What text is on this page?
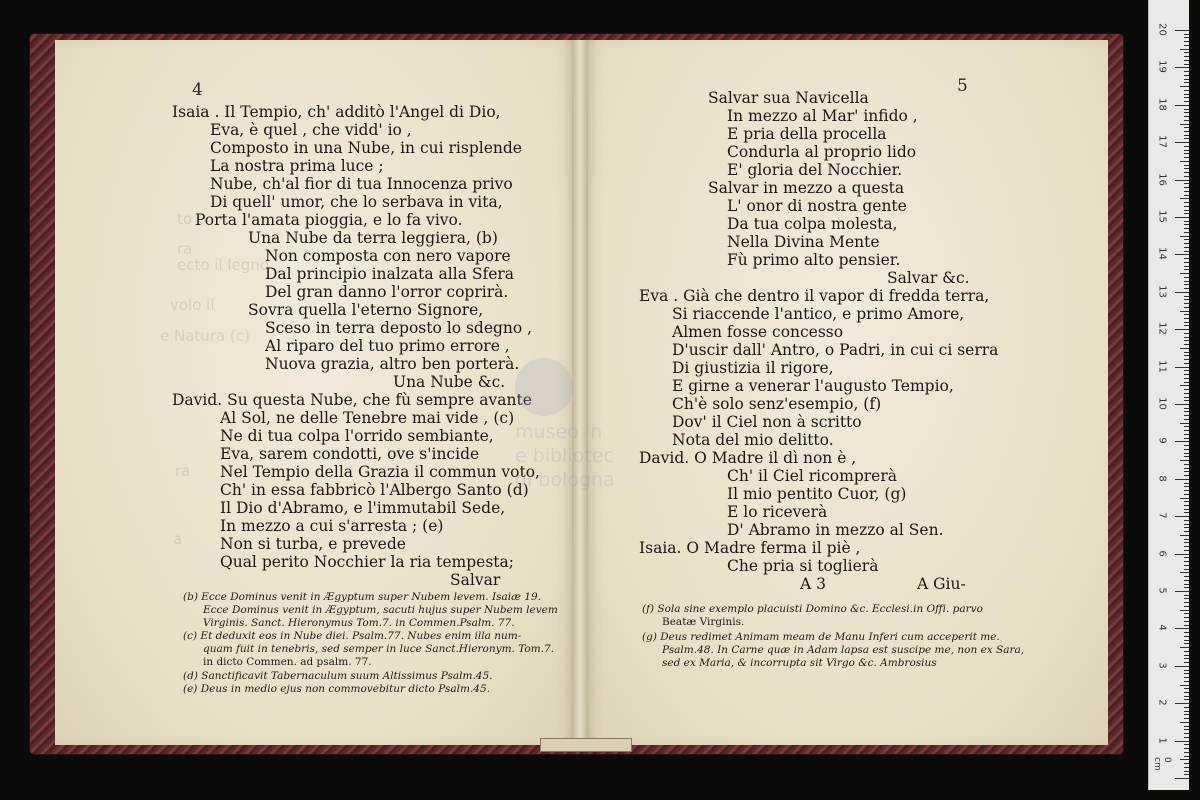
to
ra
ecto il legno
volo il
ra
e Natura (c)
a
4

Isaia . Il Tempio, ch' additò l'Angel di Dio,

Eva, è quel , che vidd' io ,

Composto in una Nube, in cui risplende

La nostra prima luce ;

Nube, ch'al fior di tua Innocenza privo

Di quell' umor, che lo serbava in vita,

Porta l'amata pioggia, e lo fa vivo.

Una Nube da terra leggiera, (b)

Non composta con nero vapore

Dal principio inalzata alla Sfera

Del gran danno l'orror coprirà.

Sovra quella l'eterno Signore,

Sceso in terra deposto lo sdegno ,

Al riparo del tuo primo errore ,

Nuova grazia, altro ben porterà.

Una Nube &c.

David. Su questa Nube, che fù sempre avante

Al Sol, ne delle Tenebre mai vide , (c)

Ne di tua colpa l'orrido sembiante,

Eva, sarem condotti, ove s'incide

Nel Tempio della Grazia il commun voto,

Ch' in essa fabbricò l'Albergo Santo (d)

Il Dio d'Abramo, e l'immutabil Sede,

In mezzo a cui s'arresta ; (e)

Non si turba, e prevede

Qual perito Nocchier la ria tempesta;

Salvar

(b) Ecce Dominus venit in Ægyptum super Nubem levem. Isaiæ 19.
Ecce Dominus venit in Ægyptum, sacuti hujus super Nubem levem
Virginis. Sanct. Hieronymus Tom.7. in Commen.Psalm. 77.
(c) Et deduxit eos in Nube diei. Psalm.77. Nubes enim illa num-
quam fuit in tenebris, sed semper in luce Sanct.Hieronym. Tom.7.
in dicto Commen. ad psalm. 77.
(d) Sanctificavit Tabernaculum suum Altissimus Psalm.45.
(e) Deus in medio ejus non commovebitur dicto Psalm.45.
5

Salvar sua Navicella

In mezzo al Mar' infido ,

E pria della procella

Condurla al proprio lido

E' gloria del Nocchier.

Salvar in mezzo a questa

L' onor di nostra gente

Da tua colpa molesta,

Nella Divina Mente

Fù primo alto pensier.

Salvar &c.

Eva . Già che dentro il vapor di fredda terra,

Si riaccende l'antico, e primo Amore,

Almen fosse concesso

D'uscir dall' Antro, o Padri, in cui ci serra

Di giustizia il rigore,

E girne a venerar l'augusto Tempio,

Ch'è solo senz'esempio, (f)

Dov' il Ciel non à scritto

Nota del mio delitto.

David. O Madre il dì non è ,

Ch' il Ciel ricomprerà

Il mio pentito Cuor, (g)

E lo riceverà

D' Abramo in mezzo al Sen.

Isaia. O Madre ferma il piè ,

Che pria si toglierà

A 3

	A Giu-

(f) Sola sine exemplo placuisti Domino &c. Ecclesi.in Offi. parvo
Beatæ Virginis.
(g) Deus redimet Animam meam de Manu Inferi cum acceperit me.
Psalm.48. In Carne quæ in Adam lapsa est suscipe me, non ex Sara,
sed ex Maria, & incorrupta sit Virgo &c. Ambrosius
museo in
e bibliotec
di bologna
0 cm
20
19
18
17
16
15
14
13
12
11
10
9
8
7
6
5
4
3
2
1
